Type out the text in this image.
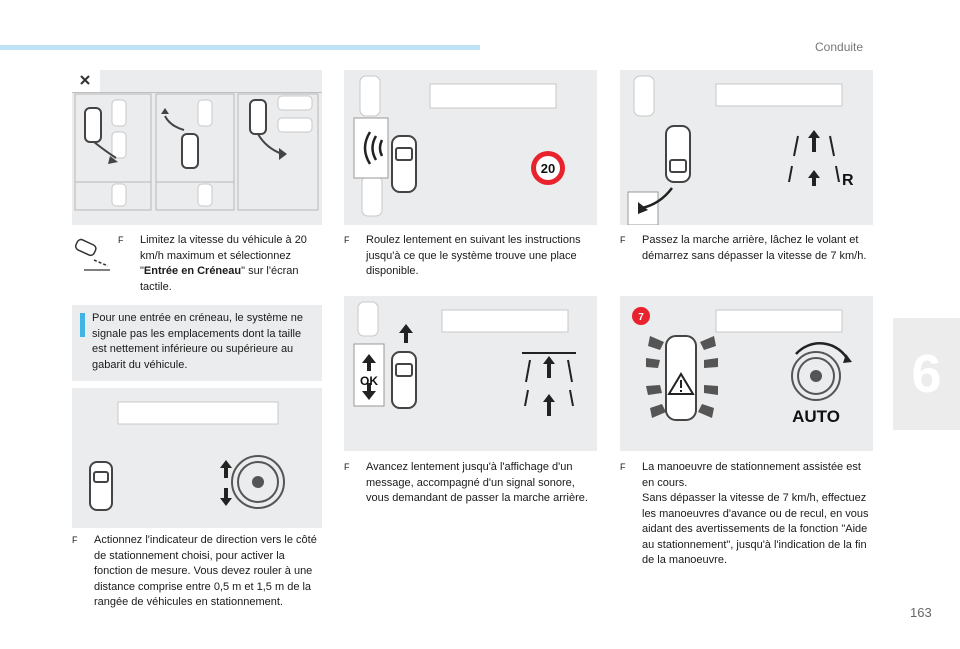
Conduite
6
163
F Limitez la vitesse du véhicule à 20 km/h maximum et sélectionnez "Entrée en Créneau" sur l'écran tactile.
Pour une entrée en créneau, le système ne signale pas les emplacements dont la taille est nettement inférieure ou supérieure au gabarit du véhicule.
F Actionnez l'indicateur de direction vers le côté de stationnement choisi, pour activer la fonction de mesure. Vous devez rouler à une distance comprise entre 0,5 m et 1,5 m de la rangée de véhicules en stationnement.
20
F Roulez lentement en suivant les instructions jusqu'à ce que le système trouve une place disponible.
OK
F Avancez lentement jusqu'à l'affichage d'un message, accompagné d'un signal sonore, vous demandant de passer la marche arrière.
R
F Passez la marche arrière, lâchez le volant et démarrez sans dépasser la vitesse de 7 km/h.
7
AUTO
F La manoeuvre de stationnement assistée est en cours.
Sans dépasser la vitesse de 7 km/h, effectuez les manoeuvres d'avance ou de recul, en vous aidant des avertissements de la fonction "Aide au stationnement", jusqu'à l'indication de la fin de la manoeuvre.
